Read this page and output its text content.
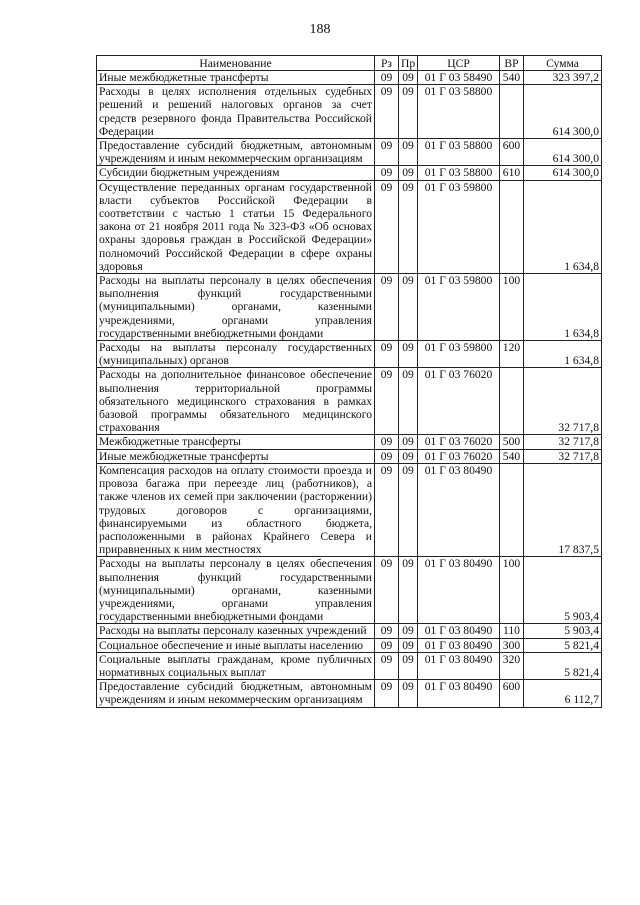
188
Наименование	Рз	Пр	ЦСР	ВР	Сумма
Иные межбюджетные трансферты	09	09	01 Г 03 58490	540	323 397,2
Расходы в целях исполнения отдельных судебных решений и решений налоговых органов за счет средств резервного фонда Правительства Российской Федерации	09	09	01 Г 03 58800		614 300,0
Предоставление субсидий бюджетным, автономным учреждениям и иным некоммерческим организациям	09	09	01 Г 03 58800	600	614 300,0
Субсидии бюджетным учреждениям	09	09	01 Г 03 58800	610	614 300,0
Осуществление переданных органам государственной власти субъектов Российской Федерации в соответствии с частью 1 статьи 15 Федерального закона от 21 ноября 2011 года № 323-ФЗ «Об основах охраны здоровья граждан в Российской Федерации» полномочий Российской Федерации в сфере охраны здоровья	09	09	01 Г 03 59800		1 634,8
Расходы на выплаты персоналу в целях обеспечения выполнения функций государственными (муниципальными) органами, казенными учреждениями, органами управления государственными внебюджетными фондами	09	09	01 Г 03 59800	100	1 634,8
Расходы на выплаты персоналу государственных (муниципальных) органов	09	09	01 Г 03 59800	120	1 634,8
Расходы на дополнительное финансовое обеспечение выполнения территориальной программы обязательного медицинского страхования в рамках базовой программы обязательного медицинского страхования	09	09	01 Г 03 76020		32 717,8
Межбюджетные трансферты	09	09	01 Г 03 76020	500	32 717,8
Иные межбюджетные трансферты	09	09	01 Г 03 76020	540	32 717,8
Компенсация расходов на оплату стоимости проезда и провоза багажа при переезде лиц (работников), а также членов их семей при заключении (расторжении) трудовых договоров с организациями, финансируемыми из областного бюджета, расположенными в районах Крайнего Севера и приравненных к ним местностях	09	09	01 Г 03 80490		17 837,5
Расходы на выплаты персоналу в целях обеспечения выполнения функций государственными (муниципальными) органами, казенными учреждениями, органами управления государственными внебюджетными фондами	09	09	01 Г 03 80490	100	5 903,4
Расходы на выплаты персоналу казенных учреждений	09	09	01 Г 03 80490	110	5 903,4
Социальное обеспечение и иные выплаты населению	09	09	01 Г 03 80490	300	5 821,4
Социальные выплаты гражданам, кроме публичных нормативных социальных выплат	09	09	01 Г 03 80490	320	5 821,4
Предоставление субсидий бюджетным, автономным учреждениям и иным некоммерческим организациям	09	09	01 Г 03 80490	600	6 112,7
